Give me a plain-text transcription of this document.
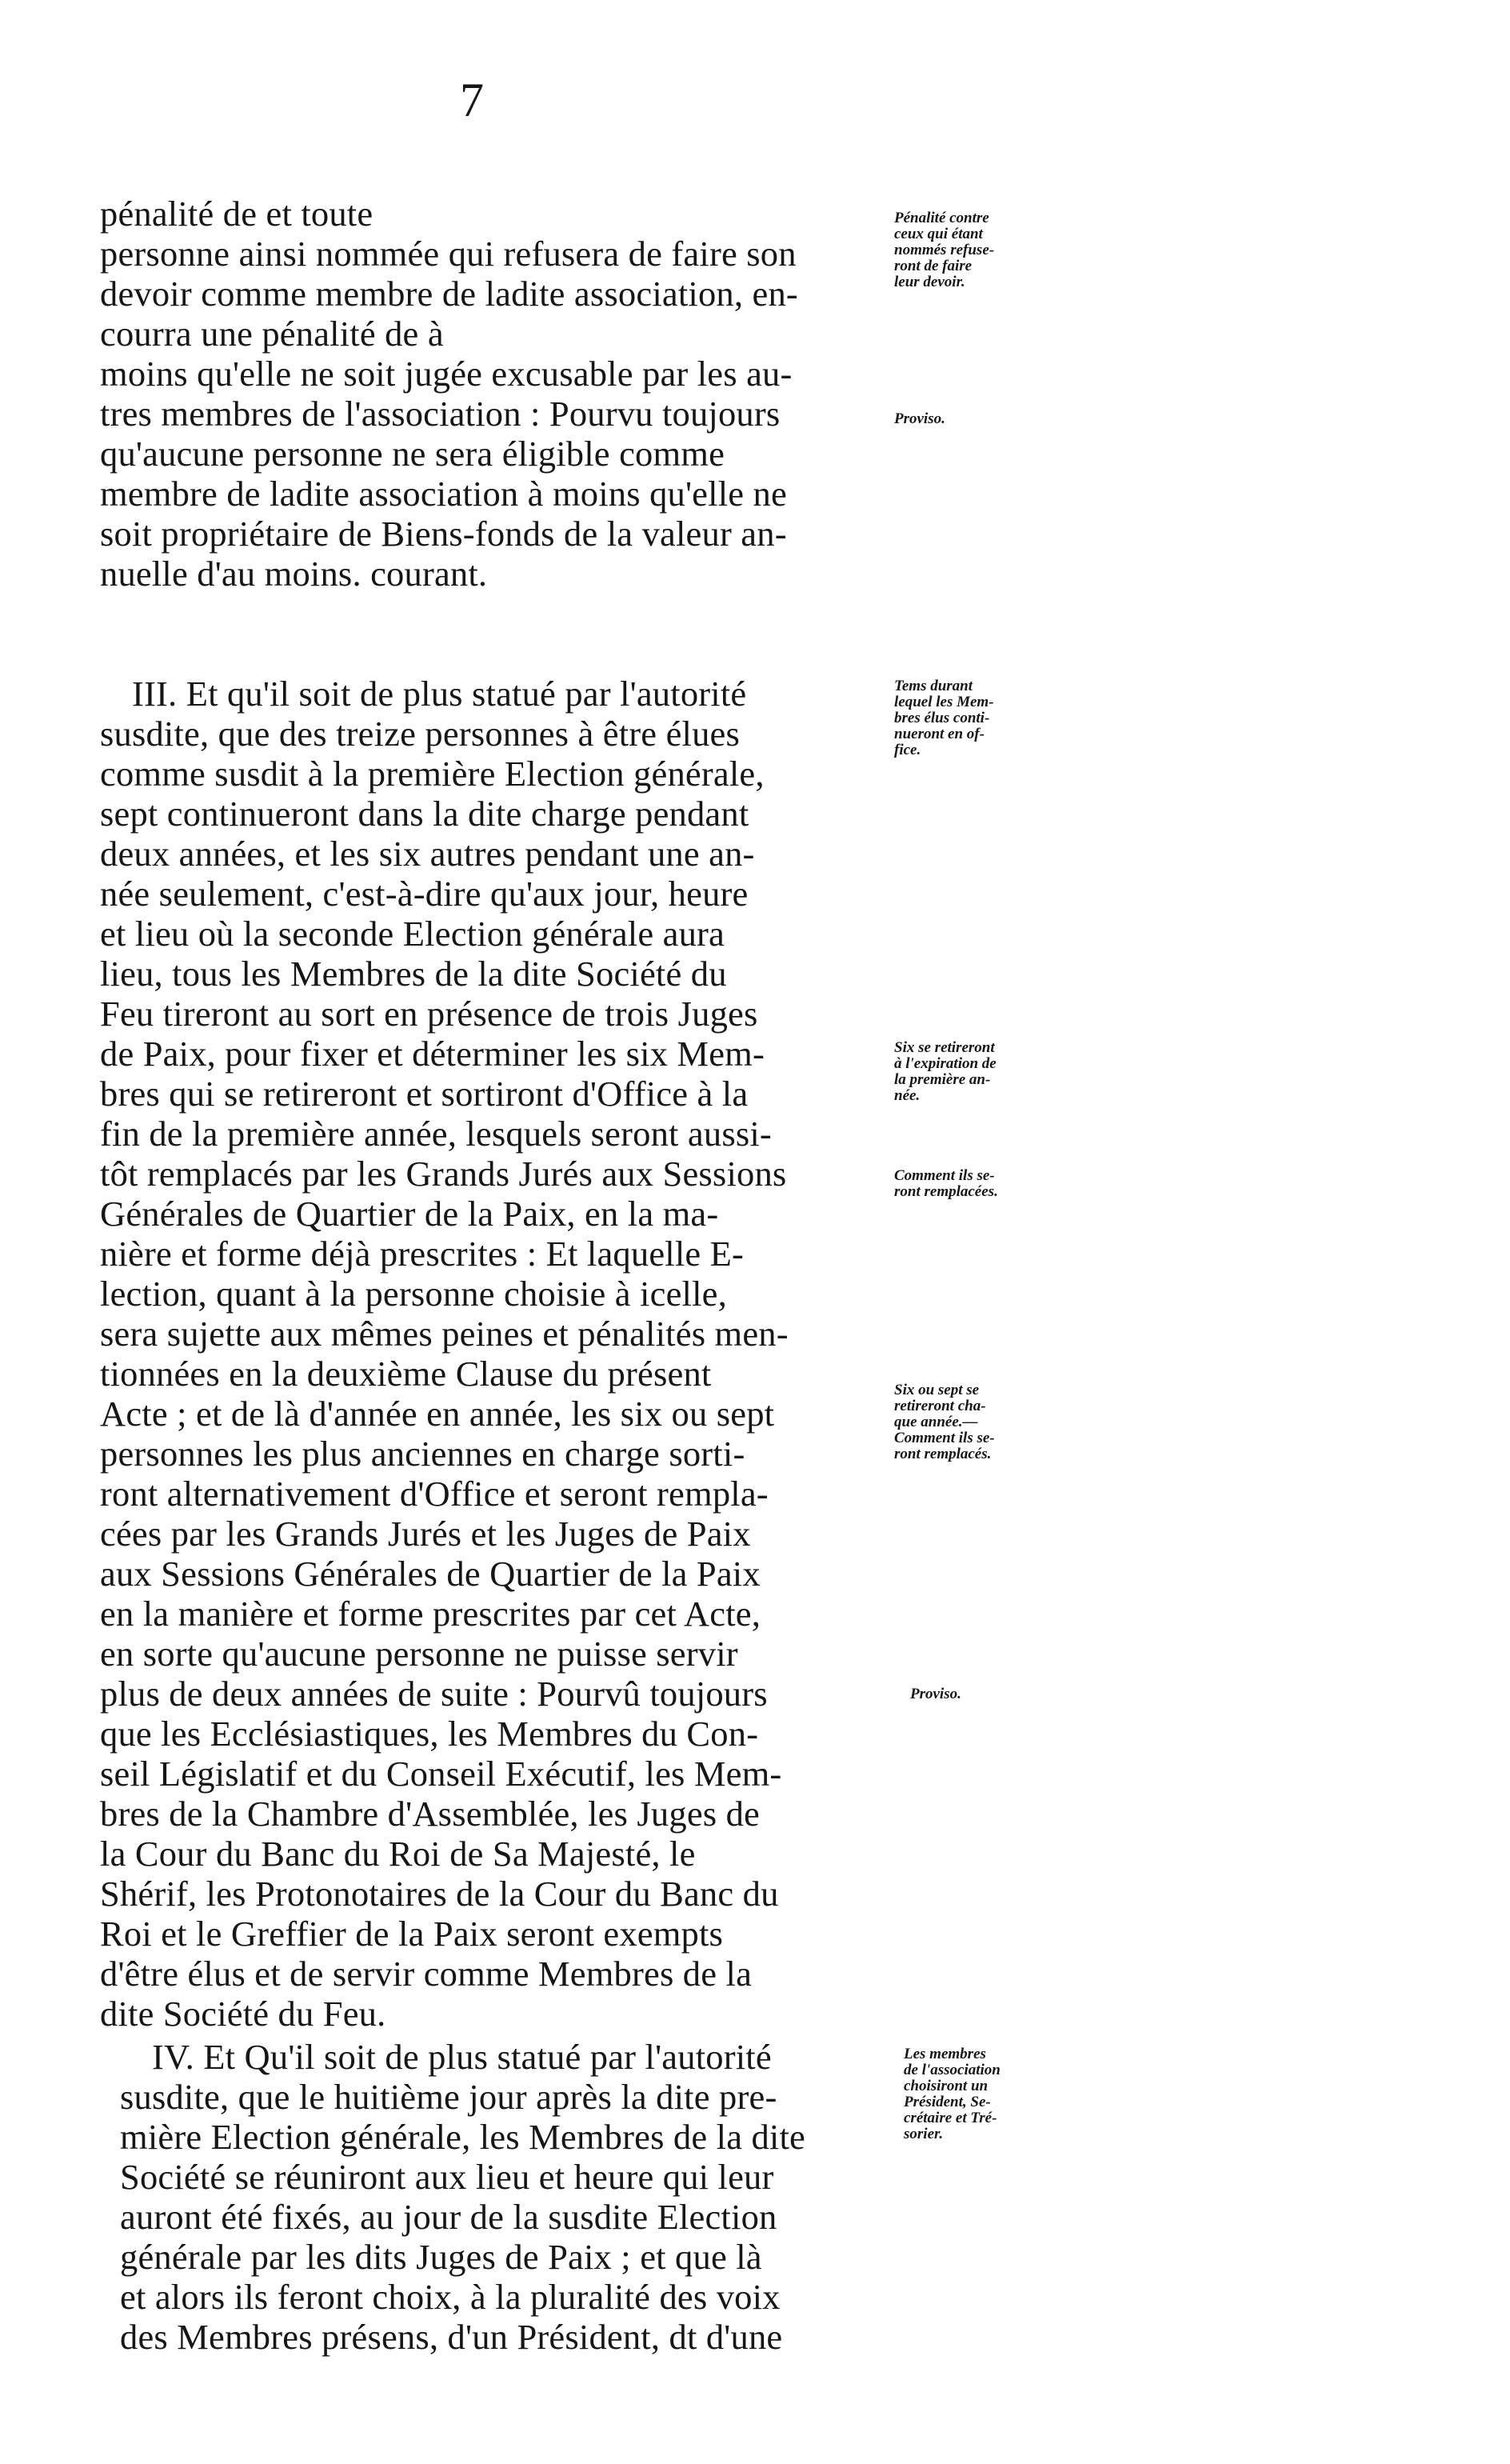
7
pénalité de et toute
personne ainsi nommée qui refusera de faire son
devoir comme membre de ladite association, en-
courra une pénalité de à
moins qu'elle ne soit jugée excusable par les au-
tres membres de l'association : Pourvu toujours
qu'aucune personne ne sera éligible comme
membre de ladite association à moins qu'elle ne
soit propriétaire de Biens-fonds de la valeur an-
nuelle d'au moins. courant.
III. Et qu'il soit de plus statué par l'autorité
susdite, que des treize personnes à être élues
comme susdit à la première Election générale,
sept continueront dans la dite charge pendant
deux années, et les six autres pendant une an-
née seulement, c'est-à-dire qu'aux jour, heure
et lieu où la seconde Election générale aura
lieu, tous les Membres de la dite Société du
Feu tireront au sort en présence de trois Juges
de Paix, pour fixer et déterminer les six Mem-
bres qui se retireront et sortiront d'Office à la
fin de la première année, lesquels seront aussi-
tôt remplacés par les Grands Jurés aux Sessions
Générales de Quartier de la Paix, en la ma-
nière et forme déjà prescrites : Et laquelle E-
lection, quant à la personne choisie à icelle,
sera sujette aux mêmes peines et pénalités men-
tionnées en la deuxième Clause du présent
Acte ; et de là d'année en année, les six ou sept
personnes les plus anciennes en charge sorti-
ront alternativement d'Office et seront rempla-
cées par les Grands Jurés et les Juges de Paix
aux Sessions Générales de Quartier de la Paix
en la manière et forme prescrites par cet Acte,
en sorte qu'aucune personne ne puisse servir
plus de deux années de suite : Pourvû toujours
que les Ecclésiastiques, les Membres du Con-
seil Législatif et du Conseil Exécutif, les Mem-
bres de la Chambre d'Assemblée, les Juges de
la Cour du Banc du Roi de Sa Majesté, le
Shérif, les Protonotaires de la Cour du Banc du
Roi et le Greffier de la Paix seront exempts
d'être élus et de servir comme Membres de la
dite Société du Feu.
IV. Et Qu'il soit de plus statué par l'autorité
susdite, que le huitième jour après la dite pre-
mière Election générale, les Membres de la dite
Société se réuniront aux lieu et heure qui leur
auront été fixés, au jour de la susdite Election
générale par les dits Juges de Paix ; et que là
et alors ils feront choix, à la pluralité des voix
des Membres présens, d'un Président, dt d'une
Pénalité contre
ceux qui étant
nommés refuse-
ront de faire
leur devoir.
Proviso.
Tems durant
lequel les Mem-
bres élus conti-
nueront en of-
fice.
Six se retireront
à l'expiration de
la première an-
née.
Comment ils se-
ront remplacées.
Six ou sept se
retireront cha-
que année.—
Comment ils se-
ront remplacés.
Proviso.
Les membres
de l'association
choisiront un
Président, Se-
crétaire et Tré-
sorier.
